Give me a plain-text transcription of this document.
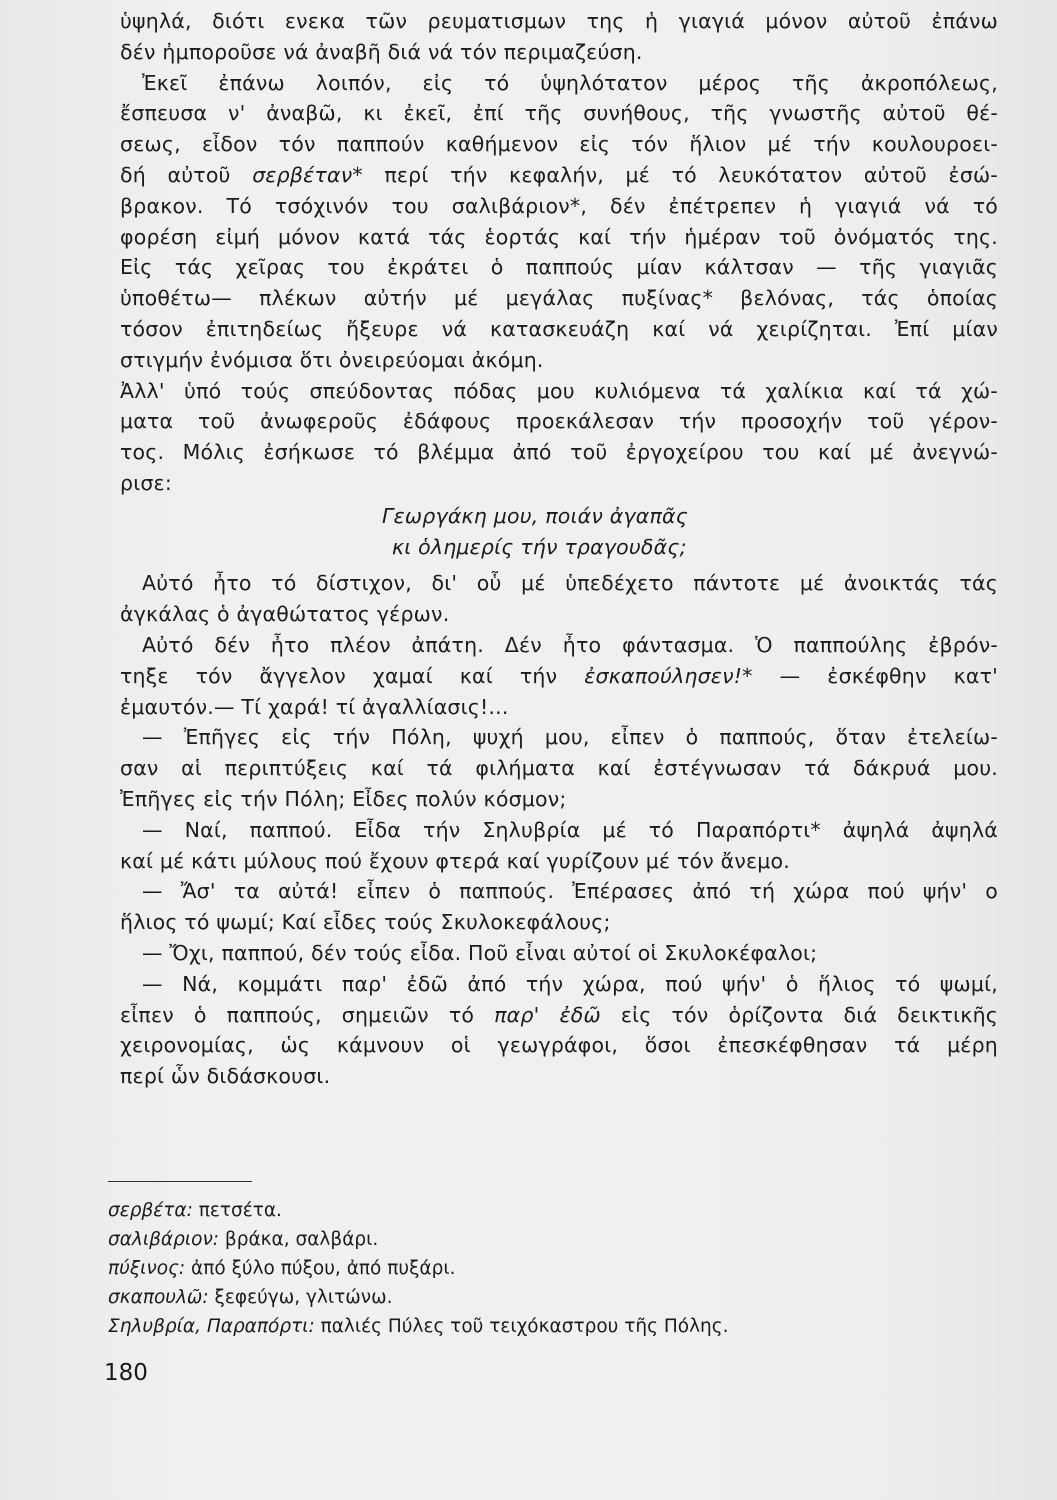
ὑψηλά, διότι ενεκα τῶν ρευματισμων της ἡ γιαγιά μόνον αὐτοῦ ἐπάνω
δέν ἠμποροῦσε νά ἀναβῆ διά νά τόν περιμαζεύση.

Ἐκεῖ ἐπάνω λοιπόν, εἰς τό ὑψηλότατον μέρος τῆς ἀκροπόλεως,
ἔσπευσα ν' ἀναβῶ, κι ἐκεῖ, ἐπί τῆς συνήθους, τῆς γνωστῆς αὐτοῦ θέ-
σεως, εἶδον τόν παππούν καθήμενον εἰς τόν ἥλιον μέ τήν κουλουροει-
δή αὐτοῦ σερβέταν* περί τήν κεφαλήν, μέ τό λευκότατον αὐτοῦ ἐσώ-
βρακον. Τό τσόχινόν του σαλιβάριον*, δέν ἐπέτρεπεν ἡ γιαγιά νά τό
φορέση εἰμή μόνον κατά τάς ἑορτάς καί τήν ἡμέραν τοῦ ὀνόματός της.
Εἰς τάς χεῖρας του ἐκράτει ὁ παππούς μίαν κάλτσαν — τῆς γιαγιᾶς
ὑποθέτω— πλέκων αὐτήν μέ μεγάλας πυξίνας* βελόνας, τάς ὁποίας
τόσον ἐπιτηδείως ἤξευρε νά κατασκευάζη καί νά χειρίζηται. Ἐπί μίαν
στιγμήν ἐνόμισα ὅτι ὀνειρεύομαι ἀκόμη.

Ἀλλ' ὑπό τούς σπεύδοντας πόδας μου κυλιόμενα τά χαλίκια καί τά χώ-
ματα τοῦ ἀνωφεροῦς ἐδάφους προεκάλεσαν τήν προσοχήν τοῦ γέρον-
τος. Μόλις ἐσήκωσε τό βλέμμα ἀπό τοῦ ἐργοχείρου του καί μέ ἀνεγνώ-
ρισε:

Γεωργάκη μου, ποιάν ἀγαπᾶς
κι ὁλημερίς τήν τραγουδᾶς;

Αὐτό ἦτο τό δίστιχον, δι' οὗ μέ ὑπεδέχετο πάντοτε μέ ἀνοικτάς τάς
ἀγκάλας ὁ ἀγαθώτατος γέρων.

Αὐτό δέν ἦτο πλέον ἀπάτη. Δέν ἦτο φάντασμα. Ὁ παππούλης ἐβρόν-
τηξε τόν ἄγγελον χαμαί καί τήν ἐσκαπούλησεν!* — ἐσκέφθην κατ'
ἐμαυτόν.— Τί χαρά! τί ἀγαλλίασις!...

— Ἐπῆγες εἰς τήν Πόλη, ψυχή μου, εἶπεν ὁ παππούς, ὅταν ἐτελείω-
σαν αἱ περιπτύξεις καί τά φιλήματα καί ἐστέγνωσαν τά δάκρυά μου.
Ἐπῆγες εἰς τήν Πόλη; Εἶδες πολύν κόσμον;

— Ναί, παππού. Εἶδα τήν Σηλυβρία μέ τό Παραπόρτι* ἀψηλά ἀψηλά
καί μέ κάτι μύλους πού ἔχουν φτερά καί γυρίζουν μέ τόν ἄνεμο.

— Ἄσ' τα αὐτά! εἶπεν ὁ παππούς. Ἐπέρασες ἀπό τή χώρα πού ψήν' ο
ἥλιος τό ψωμί; Καί εἶδες τούς Σκυλοκεφάλους;

— Ὄχι, παππού, δέν τούς εἶδα. Ποῦ εἶναι αὐτοί οἱ Σκυλοκέφαλοι;

— Νά, κομμάτι παρ' ἐδῶ ἀπό τήν χώρα, πού ψήν' ὁ ἥλιος τό ψωμί,
εἶπεν ὁ παππούς, σημειῶν τό παρ' ἐδῶ εἰς τόν ὁρίζοντα διά δεικτικῆς
χειρονομίας, ὡς κάμνουν οἱ γεωγράφοι, ὅσοι ἐπεσκέφθησαν τά μέρη
περί ὧν διδάσκουσι.

σερβέτα: πετσέτα.
σαλιβάριον: βράκα, σαλβάρι.
πύξινος: ἀπό ξύλο πύξου, ἀπό πυξάρι.
σκαπουλῶ: ξεφεύγω, γλιτώνω.
Σηλυβρία, Παραπόρτι: παλιές Πύλες τοῦ τειχόκαστρου τῆς Πόλης.
180
